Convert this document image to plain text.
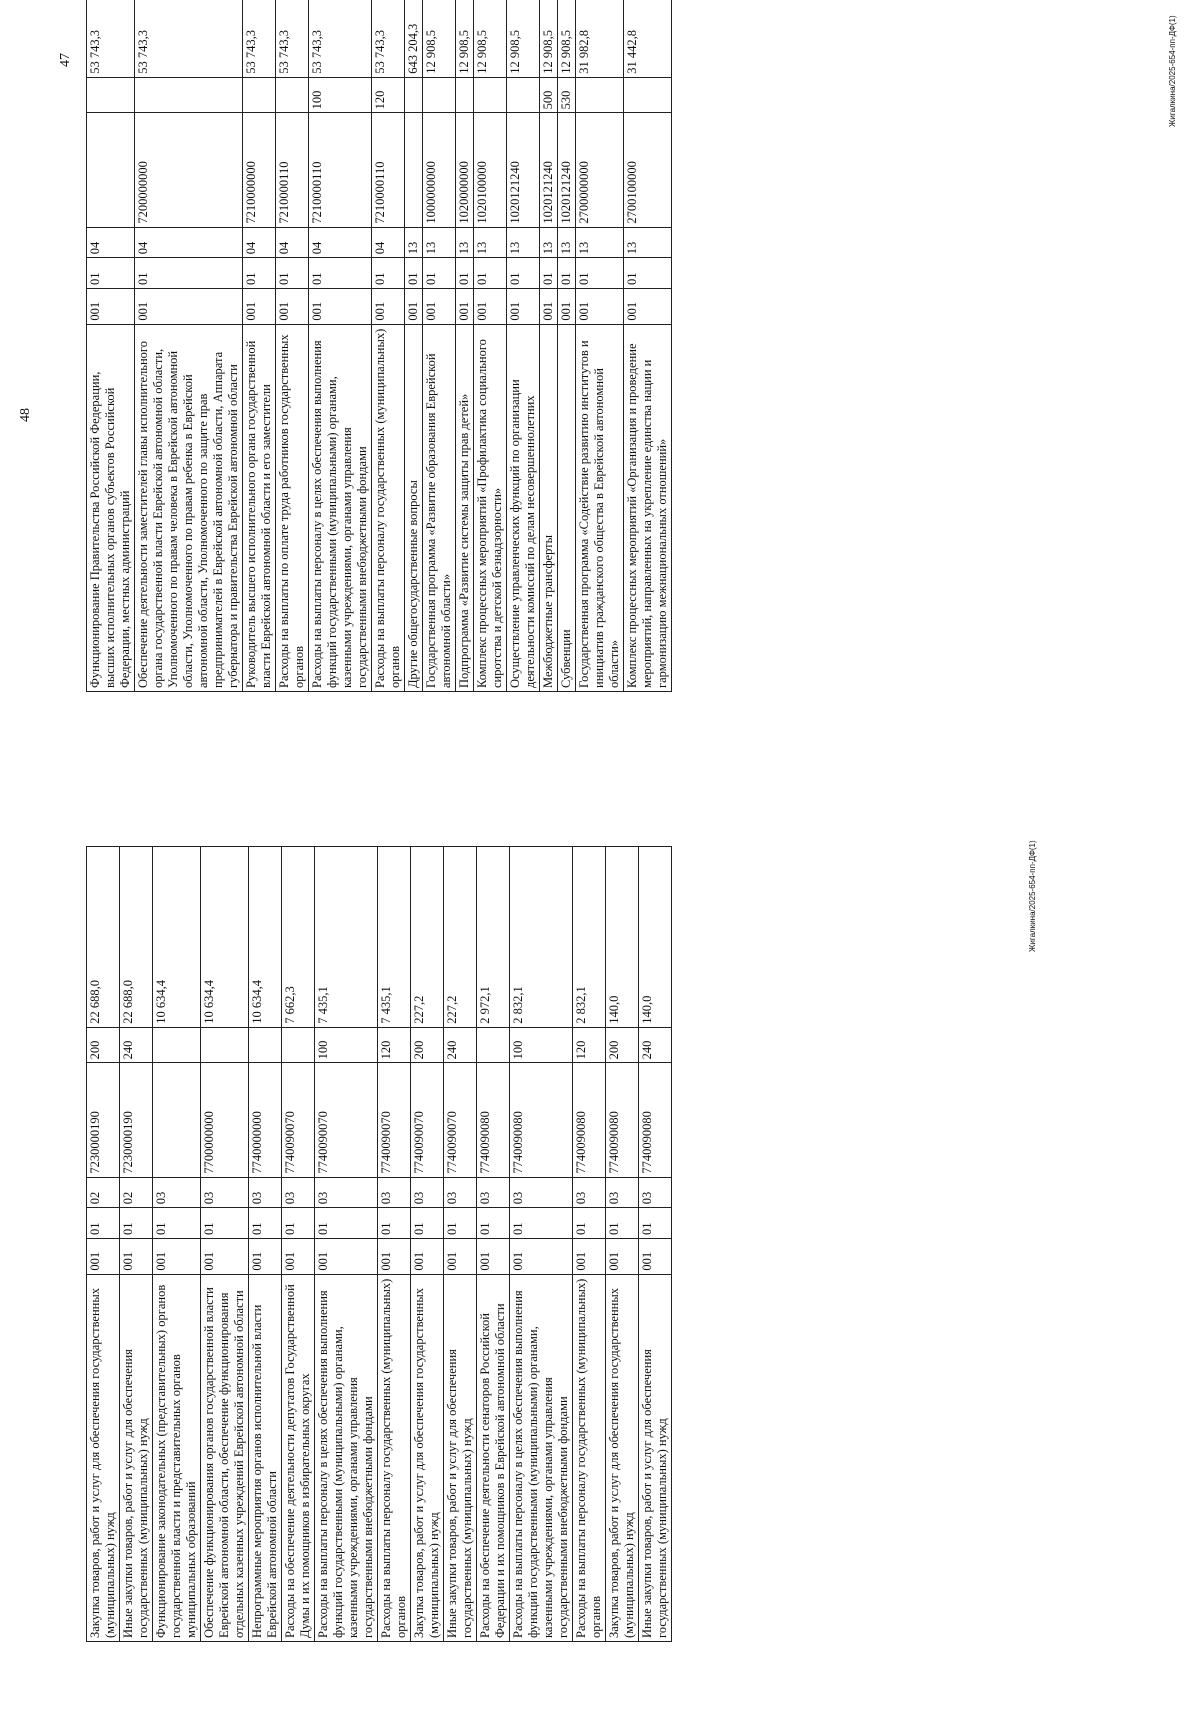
47
Закупка товаров, работ и услуг для обеспечения государственных (муниципальных) нужд	001	01	02	7230000190	200	22 688,0
Иные закупки товаров, работ и услуг для обеспечения государственных (муниципальных) нужд	001	01	02	7230000190	240	22 688,0
Функционирование законодательных (представительных) органов государственной власти и представительных органов муниципальных образований	001	01	03			10 634,4
Обеспечение функционирования органов государственной власти Еврейской автономной области, обеспечение функционирования отдельных казенных учреждений Еврейской автономной области	001	01	03	7700000000		10 634,4
Непрограммные мероприятия органов исполнительной власти Еврейской автономной области	001	01	03	7740000000		10 634,4
Расходы на обеспечение деятельности депутатов Государственной Думы и их помощников в избирательных округах	001	01	03	7740090070		7 662,3
Расходы на выплаты персоналу в целях обеспечения выполнения функций государственными (муниципальными) органами, казенными учреждениями, органами управления государственными внебюджетными фондами	001	01	03	7740090070	100	7 435,1
Расходы на выплаты персоналу государственных (муниципальных) органов	001	01	03	7740090070	120	7 435,1
Закупка товаров, работ и услуг для обеспечения государственных (муниципальных) нужд	001	01	03	7740090070	200	227,2
Иные закупки товаров, работ и услуг для обеспечения государственных (муниципальных) нужд	001	01	03	7740090070	240	227,2
Расходы на обеспечение деятельности сенаторов Российской Федерации и их помощников в Еврейской автономной области	001	01	03	7740090080		2 972,1
Расходы на выплаты персоналу в целях обеспечения выполнения функций государственными (муниципальными) органами, казенными учреждениями, органами управления государственными внебюджетными фондами	001	01	03	7740090080	100	2 832,1
Расходы на выплаты персоналу государственных (муниципальных) органов	001	01	03	7740090080	120	2 832,1
Закупка товаров, работ и услуг для обеспечения государственных (муниципальных) нужд	001	01	03	7740090080	200	140,0
Иные закупки товаров, работ и услуг для обеспечения государственных (муниципальных) нужд	001	01	03	7740090080	240	140,0
Жигалкина/2025-654-пп-ДФ(1)
48	Функционирование Правительства Российской Федерации, высших исполнительных органов субъектов Российской Федерации, местных администраций	001	01	04			53 743,3
Обеспечение деятельности заместителей главы исполнительного органа государственной власти Еврейской автономной области, Уполномоченного по правам человека в Еврейской автономной области, Уполномоченного по правам ребенка в Еврейской автономной области, Уполномоченного по защите прав предпринимателей в Еврейской автономной области, Аппарата губернатора и правительства Еврейской автономной области	001	01	04	7200000000		53 743,3
Руководитель высшего исполнительного органа государственной власти Еврейской автономной области и его заместители	001	01	04	7210000000		53 743,3
Расходы на выплаты по оплате труда работников государственных органов	001	01	04	7210000110		53 743,3
Расходы на выплаты персоналу в целях обеспечения выполнения функций государственными (муниципальными) органами, казенными учреждениями, органами управления государственными внебюджетными фондами	001	01	04	7210000110	100	53 743,3
Расходы на выплаты персоналу государственных (муниципальных) органов	001	01	04	7210000110	120	53 743,3
Другие общегосударственные вопросы	001	01	13			643 204,3
Государственная программа «Развитие образования Еврейской автономной области»	001	01	13	1000000000		12 908,5
Подпрограмма «Развитие системы защиты прав детей»	001	01	13	1020000000		12 908,5
Комплекс процессных мероприятий «Профилактика социального сиротства и детской безнадзорности»	001	01	13	1020100000		12 908,5
Осуществление управленческих функций по организации деятельности комиссий по делам несовершеннолетних	001	01	13	1020121240		12 908,5
Межбюджетные трансферты	001	01	13	1020121240	500	12 908,5
Субвенции	001	01	13	1020121240	530	12 908,5
Государственная программа «Содействие развитию институтов и инициатив гражданского общества в Еврейской автономной области»	001	01	13	2700000000		31 982,8
Комплекс процессных мероприятий «Организация и проведение мероприятий, направленных на укрепление единства нации и гармонизацию межнациональных отношений»	001	01	13	2700100000		31 442,8	Жигалкина/2025-654-пп-ДФ(1)
